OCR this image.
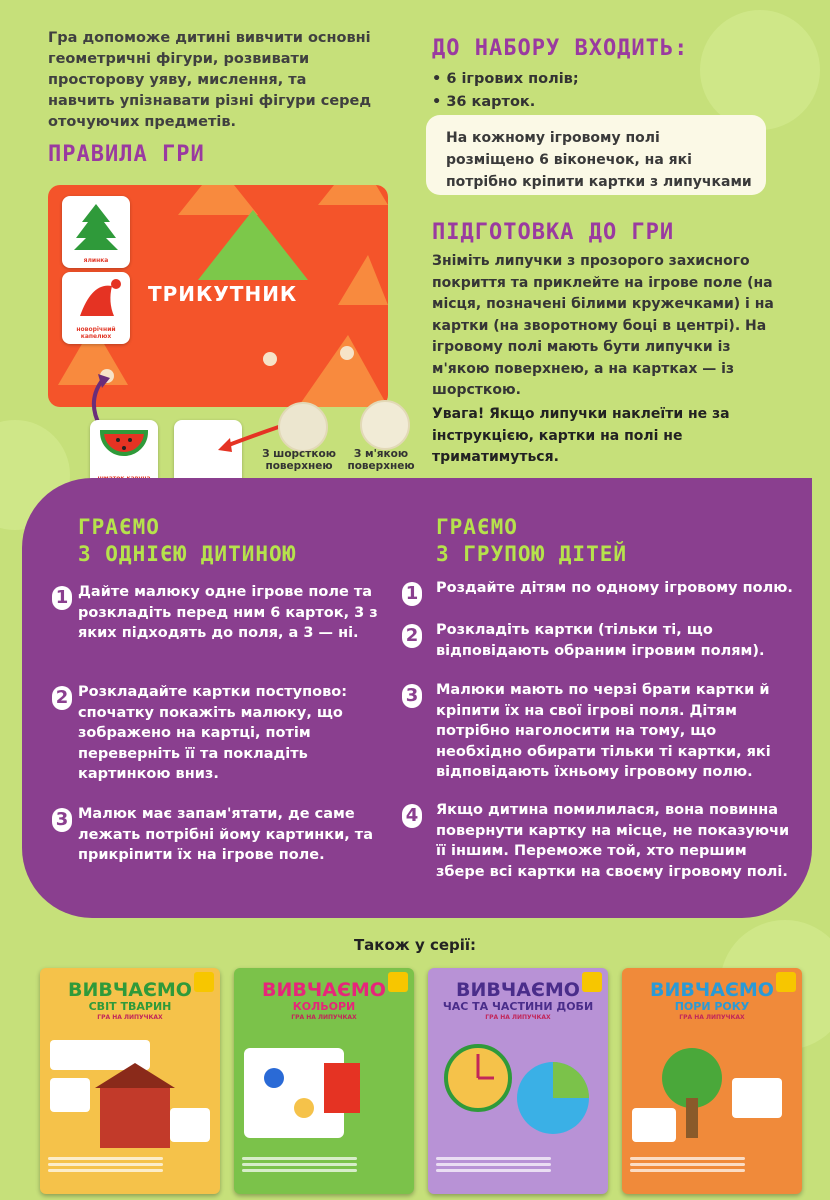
Гра допоможе дитині вивчити основні геометричні фігури, розвивати просторову уяву, мислення, та навчить упізнавати різні фігури серед оточуючих предметів.
ПРАВИЛА ГРИ
ТРИКУТНИК
ялинка
новорічний капелюх
З шорсткою поверхнею
З м'якою поверхнею
ДО НАБОРУ ВХОДИТЬ:
• 6 ігрових полів;
• 36 карток.
На кожному ігровому полі розміщено 6 віконечок, на які потрібно кріпити картки з липучками
ПІДГОТОВКА ДО ГРИ
Зніміть липучки з прозорого захисного покриття та приклейте на ігрове поле (на місця, позначені білими кружечками) і на картки (на зворотному боці в центрі). На ігровому полі мають бути липучки із м'якою поверхнею, а на картках — із шорсткою.
Увага! Якщо липучки наклеїти не за інструкцією, картки на полі не триматимуться.
ГРАЄМО
З ОДНІЄЮ ДИТИНОЮ
ГРАЄМО
З ГРУПОЮ ДІТЕЙ
1 Дайте малюку одне ігрове поле та розкладіть перед ним 6 карток, 3 з яких підходять до поля, а 3 — ні.
2 Розкладайте картки поступово: спочатку покажіть малюку, що зображено на картці, потім переверніть її та покладіть картинкою вниз.
3 Малюк має запам'ятати, де саме лежать потрібні йому картинки, та прикріпити їх на ігрове поле.
1 Роздайте дітям по одному ігровому полю.
2 Розкладіть картки (тільки ті, що відповідають обраним ігровим полям).
3 Малюки мають по черзі брати картки й кріпити їх на свої ігрові поля. Дітям потрібно наголосити на тому, що необхідно обирати тільки ті картки, які відповідають їхньому ігровому полю.
4 Якщо дитина помилилася, вона повинна повернути картку на місце, не показуючи її іншим. Переможе той, хто першим збере всі картки на своєму ігровому полі.
Також у серії:
ВИВЧАЄМО
СВІТ ТВАРИН
ГРА НА ЛИПУЧКАХ
ВИВЧАЄМО
КОЛЬОРИ
ГРА НА ЛИПУЧКАХ
ВИВЧАЄМО
ЧАС ТА ЧАСТИНИ ДОБИ
ГРА НА ЛИПУЧКАХ
ВИВЧАЄМО
ПОРИ РОКУ
ГРА НА ЛИПУЧКАХ
